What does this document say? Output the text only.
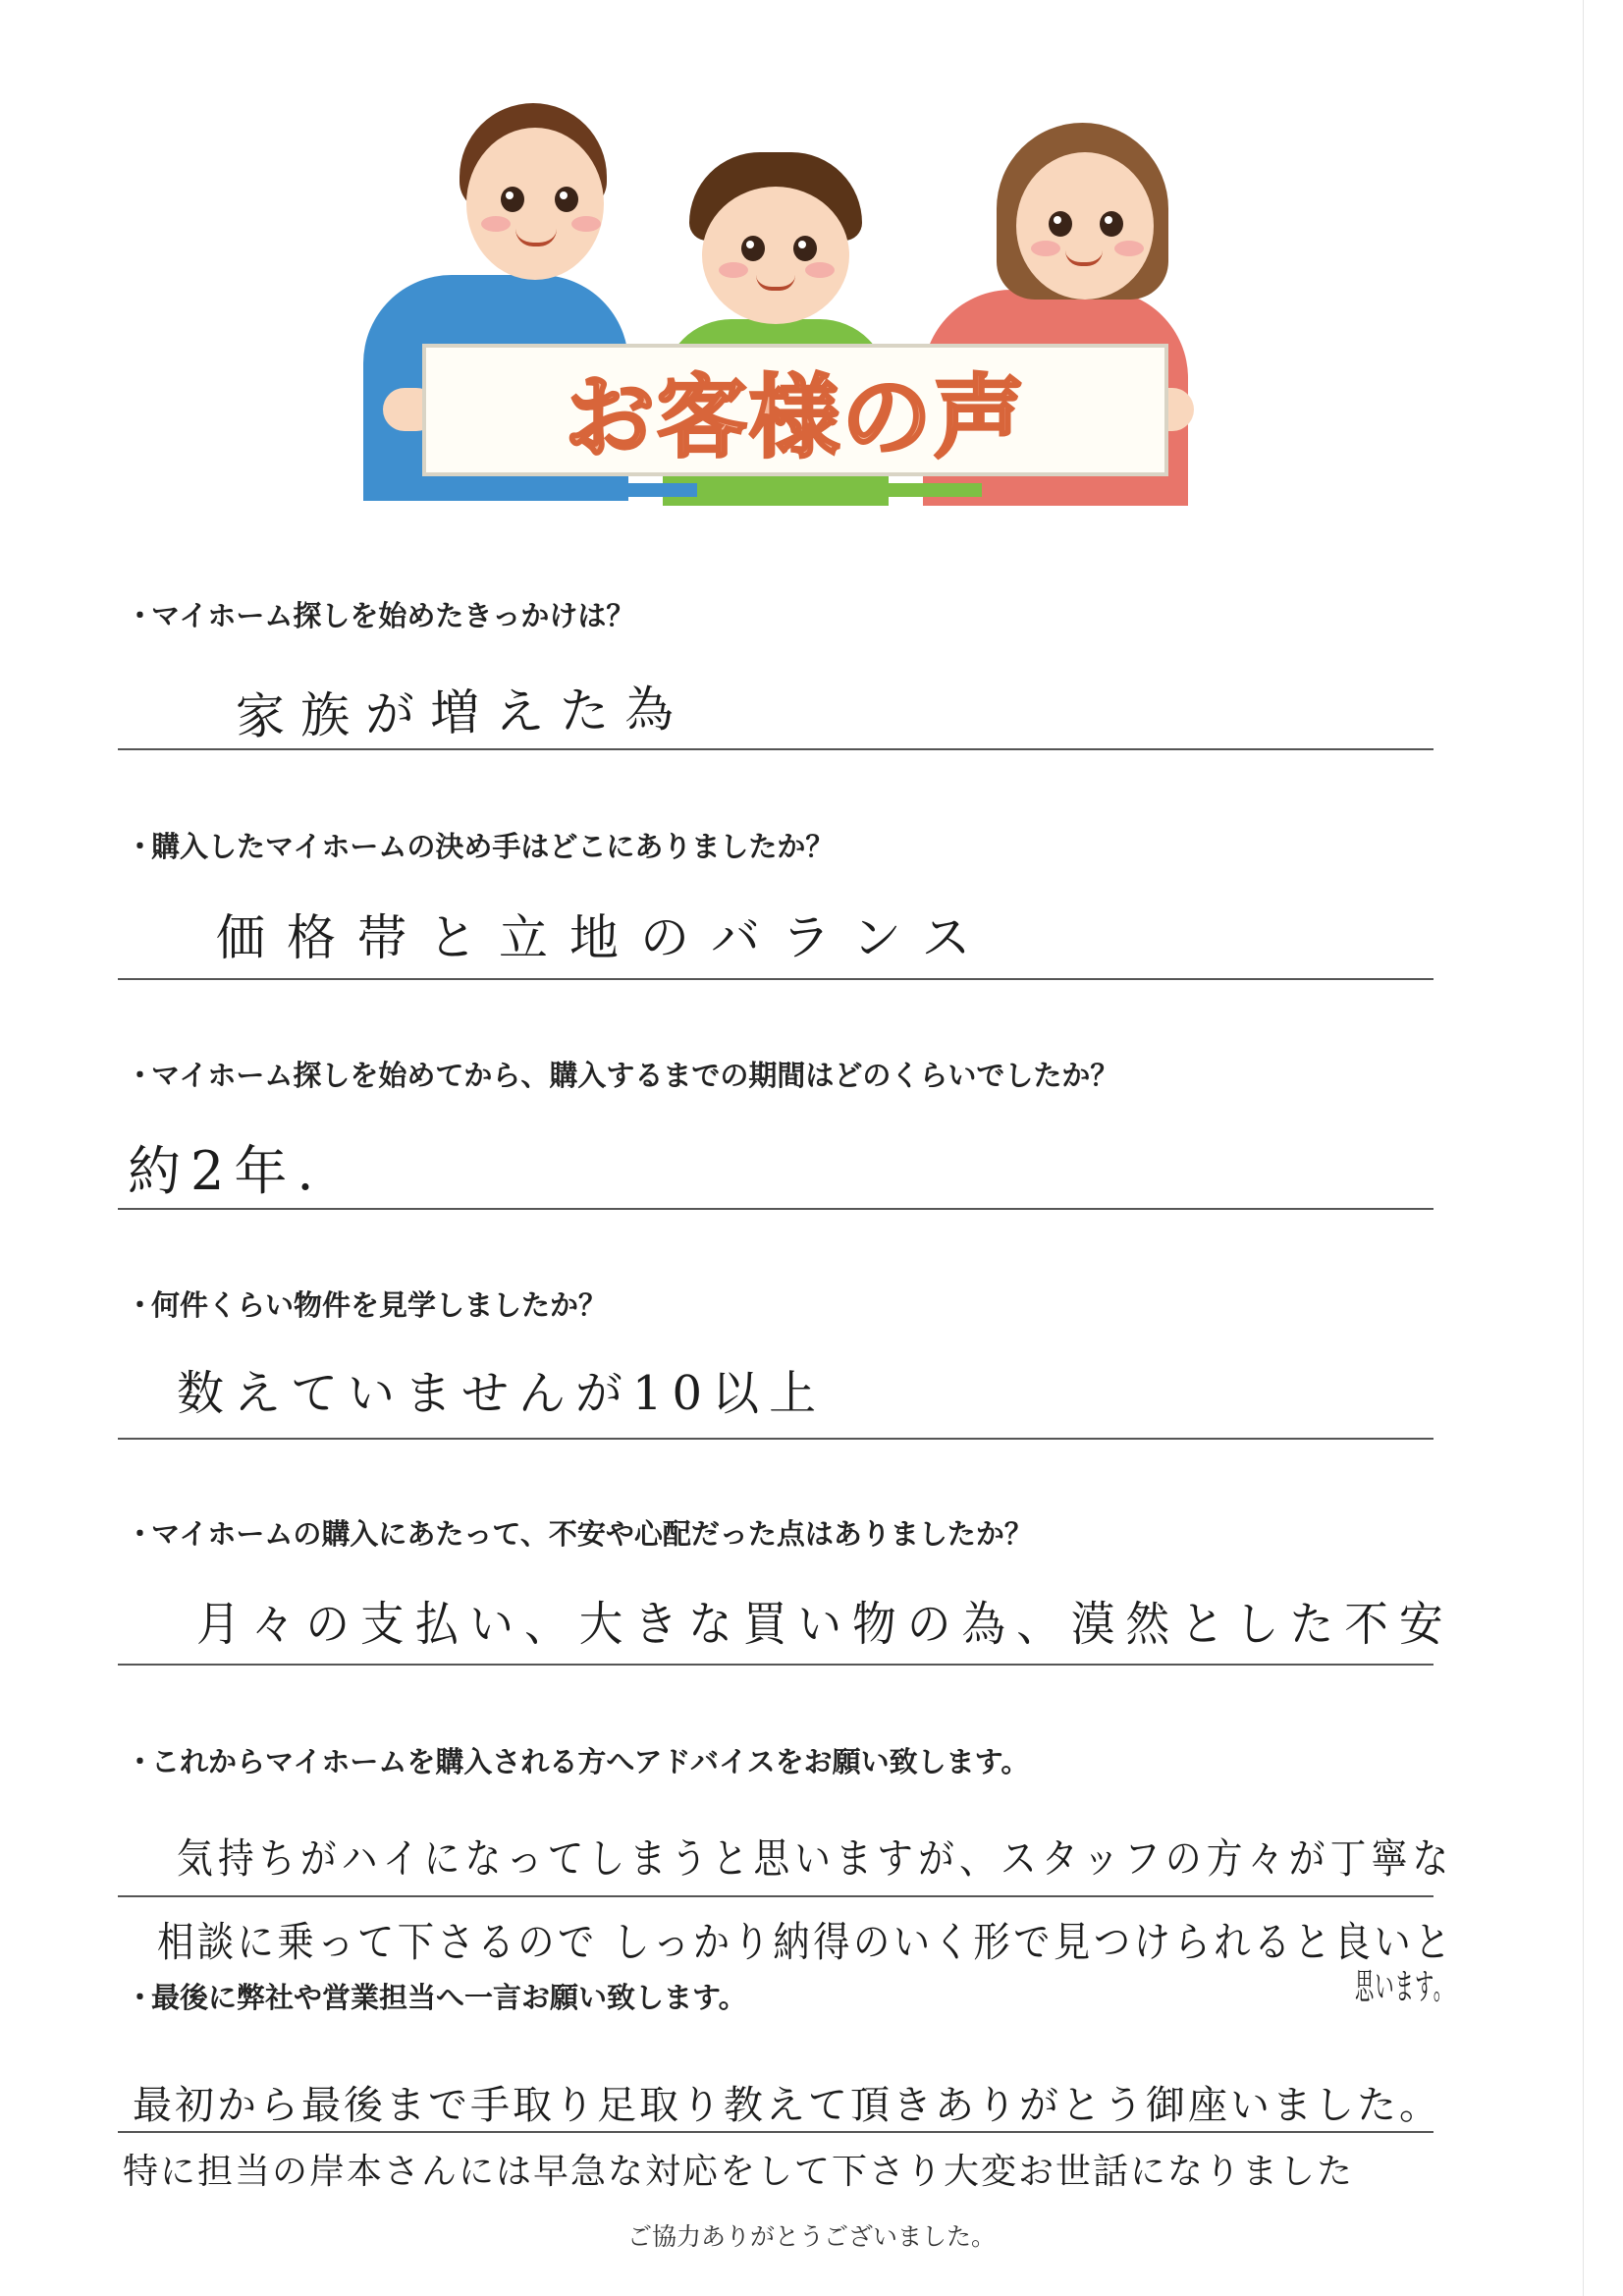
お客様の声
・マイホーム探しを始めたきっかけは？
家族が増えた為
・購入したマイホームの決め手はどこにありましたか？
価格帯と立地のバランス
・マイホーム探しを始めてから、購入するまでの期間はどのくらいでしたか？
約2年.
・何件くらい物件を見学しましたか？
数えていませんが10以上
・マイホームの購入にあたって、不安や心配だった点はありましたか？
月々の支払い、大きな買い物の為、漠然とした不安
・これからマイホームを購入される方へアドバイスをお願い致します。
気持ちがハイになってしまうと思いますが、スタッフの方々が丁寧な
相談に乗って下さるので しっかり納得のいく形で見つけられると良いと
思います。
・最後に弊社や営業担当へ一言お願い致します。
最初から最後まで手取り足取り教えて頂きありがとう御座いました。
特に担当の岸本さんには早急な対応をして下さり大変お世話になりました
ご協力ありがとうございました。
